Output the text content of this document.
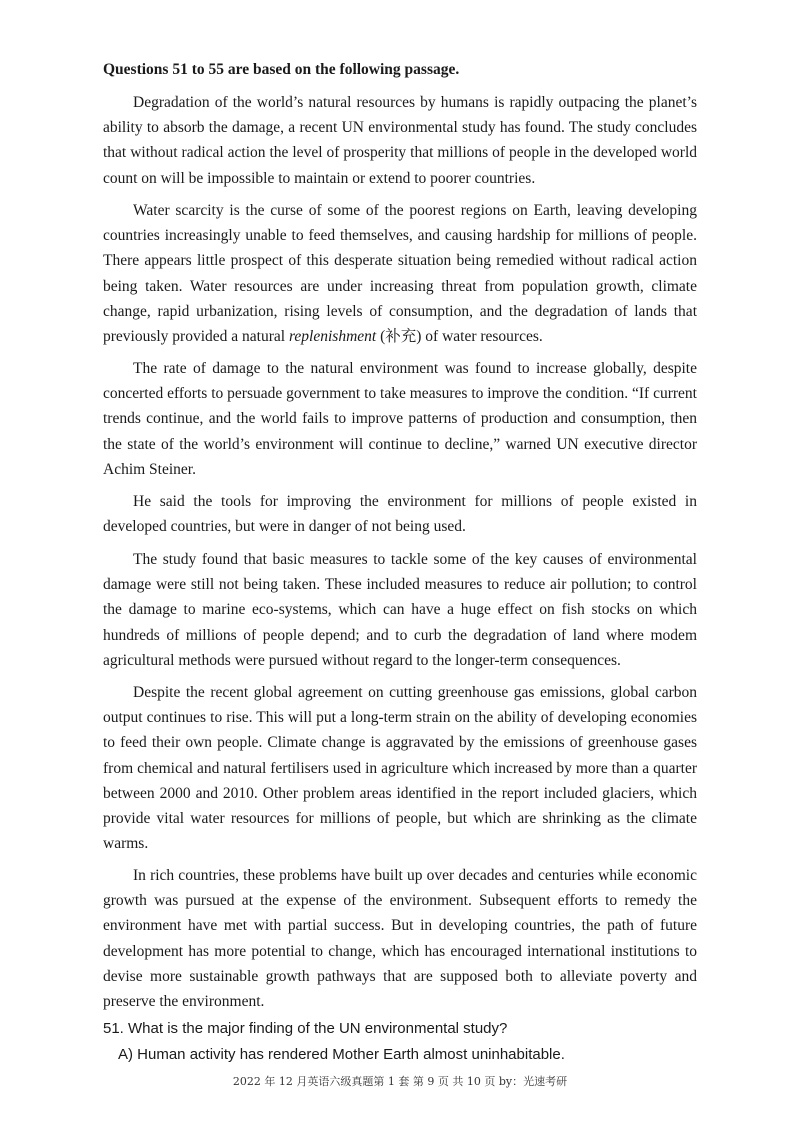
Questions 51 to 55 are based on the following passage.

Degradation of the world’s natural resources by humans is rapidly outpacing the planet’s ability to absorb the damage, a recent UN environmental study has found. The study concludes that without radical action the level of prosperity that millions of people in the developed world count on will be impossible to maintain or extend to poorer countries.

Water scarcity is the curse of some of the poorest regions on Earth, leaving developing countries increasingly unable to feed themselves, and causing hardship for millions of people. There appears little prospect of this desperate situation being remedied without radical action being taken. Water resources are under increasing threat from population growth, climate change, rapid urbanization, rising levels of consumption, and the degradation of lands that previously provided a natural replenishment (补充) of water resources.

The rate of damage to the natural environment was found to increase globally, despite concerted efforts to persuade government to take measures to improve the condition. “If current trends continue, and the world fails to improve patterns of production and consumption, then the state of the world’s environment will continue to decline,” warned UN executive director Achim Steiner.

He said the tools for improving the environment for millions of people existed in developed countries, but were in danger of not being used.

The study found that basic measures to tackle some of the key causes of environmental damage were still not being taken. These included measures to reduce air pollution; to control the damage to marine eco-systems, which can have a huge effect on fish stocks on which hundreds of millions of people depend; and to curb the degradation of land where modem agricultural methods were pursued without regard to the longer-term consequences.

Despite the recent global agreement on cutting greenhouse gas emissions, global carbon output continues to rise. This will put a long-term strain on the ability of developing economies to feed their own people. Climate change is aggravated by the emissions of greenhouse gases from chemical and natural fertilisers used in agriculture which increased by more than a quarter between 2000 and 2010. Other problem areas identified in the report included glaciers, which provide vital water resources for millions of people, but which are shrinking as the climate warms.

In rich countries, these problems have built up over decades and centuries while economic growth was pursued at the expense of the environment. Subsequent efforts to remedy the environment have met with partial success. But in developing countries, the path of future development has more potential to change, which has encouraged international institutions to devise more sustainable growth pathways that are supposed both to alleviate poverty and preserve the environment.

51. What is the major finding of the UN environmental study?

A) Human activity has rendered Mother Earth almost uninhabitable.

2022 年 12 月英语六级真题第 1 套 第 9 页 共 10 页 by：光速考研
